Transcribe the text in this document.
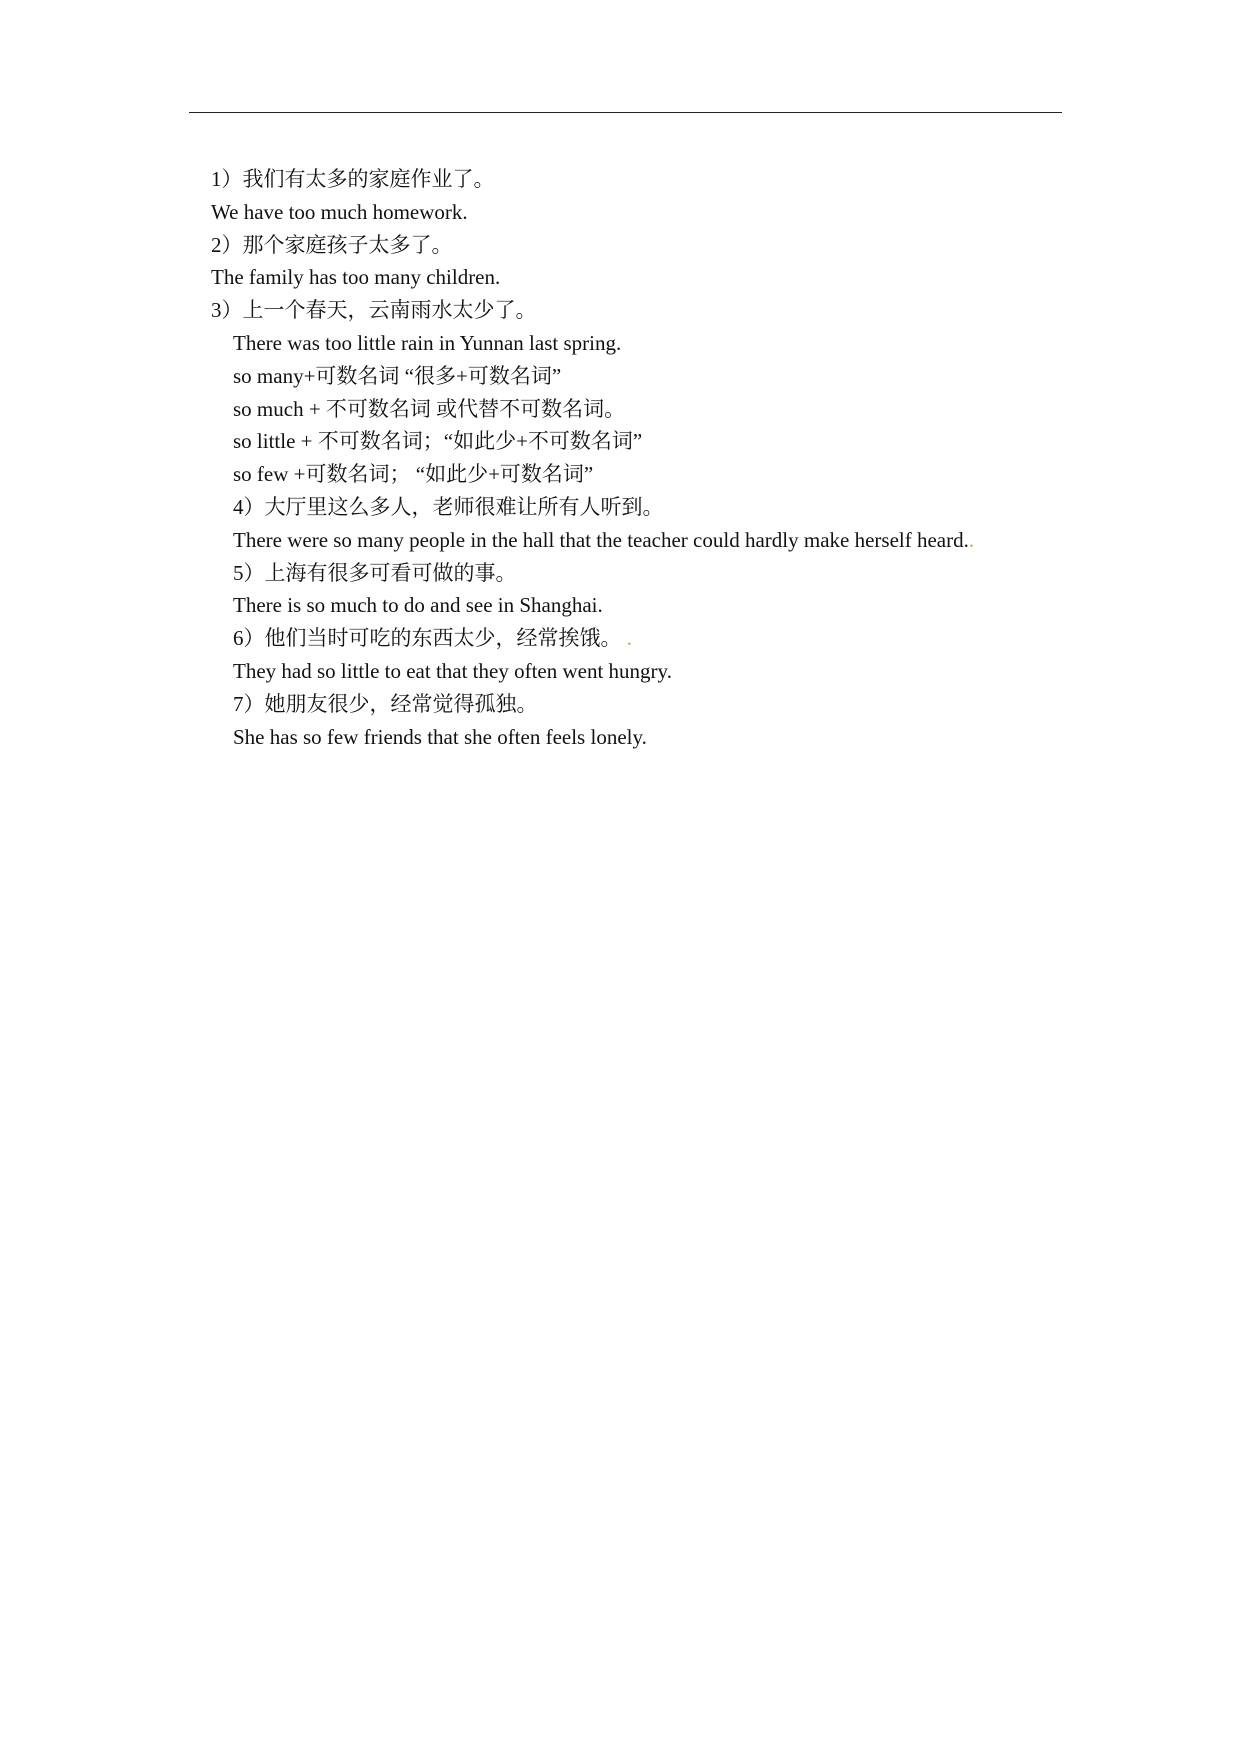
1）我们有太多的家庭作业了。
We have too much homework.
2）那个家庭孩子太多了。
The family has too many children.
3）上一个春天，云南雨水太少了。
There was too little rain in Yunnan last spring.
so many+可数名词 “很多+可数名词”
so much + 不可数名词 或代替不可数名词。
so little + 不可数名词；“如此少+不可数名词”
so few +可数名词； “如此少+可数名词”
4）大厅里这么多人，老师很难让所有人听到。
There were so many people in the hall that the teacher could hardly make herself heard..
5）上海有很多可看可做的事。
There is so much to do and see in Shanghai.
6）他们当时可吃的东西太少，经常挨饿。 .
They had so little to eat that they often went hungry.
7）她朋友很少，经常觉得孤独。
She has so few friends that she often feels lonely.
